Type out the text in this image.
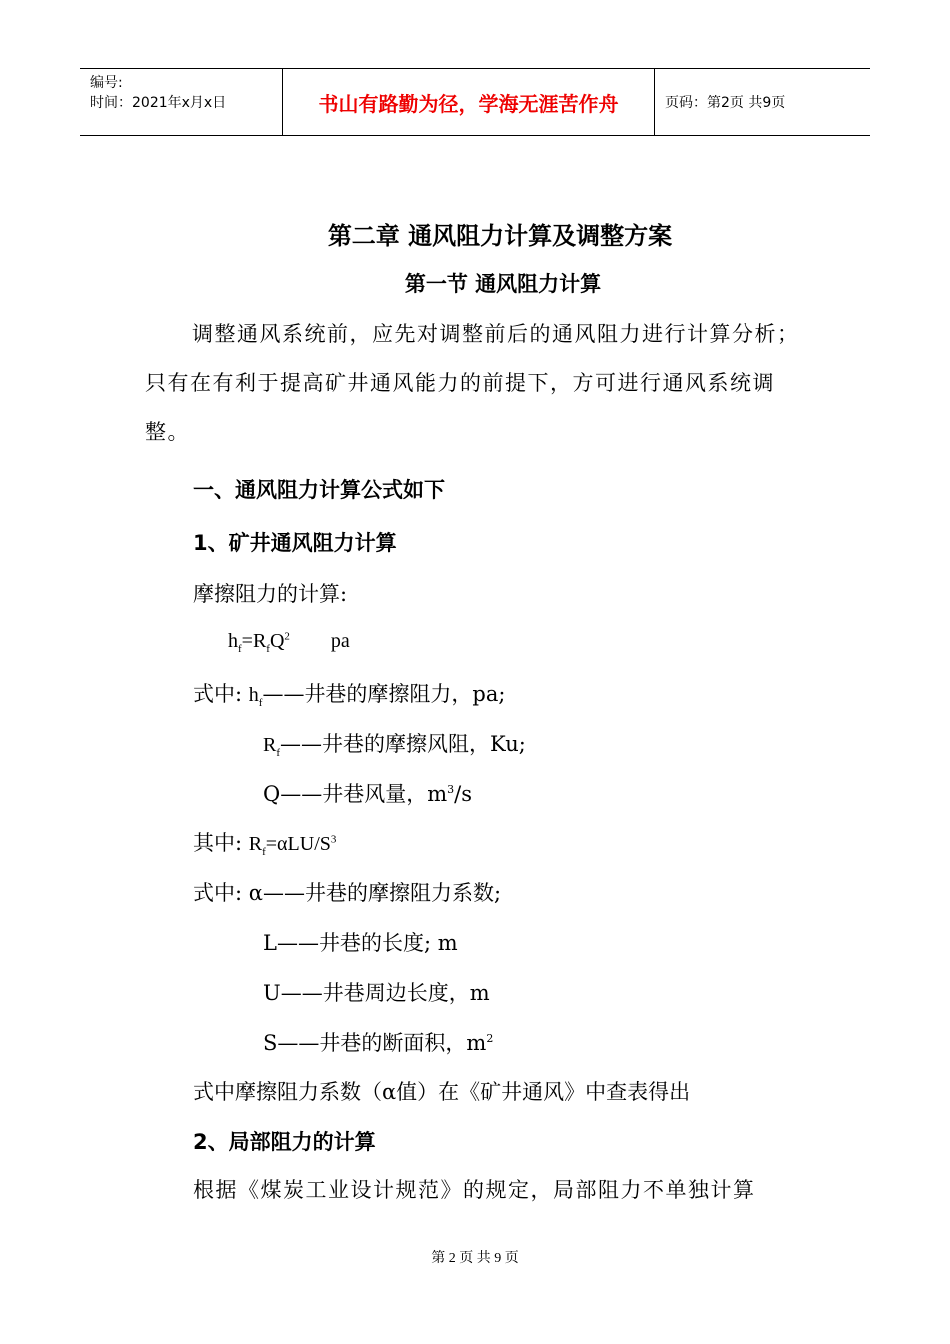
编号:
时间：2021年x月x日	书山有路勤为径，学海无涯苦作舟	页码：第2页 共9页
第二章 通风阻力计算及调整方案
第一节 通风阻力计算

调整通风系统前，应先对调整前后的通风阻力进行计算分析；只有在有利于提高矿井通风能力的前提下，方可进行通风系统调整。

一、通风阻力计算公式如下
1、矿井通风阻力计算
摩擦阻力的计算:
$h_f=R_fQ^2$ pa
式中: $h_f——$井巷的摩擦阻力，pa;
$R_f——$井巷的摩擦风阻，Ku;
Q——井巷风量，$m^3/s$
其中: $R_f=\alpha LU/S^3$
式中: α——井巷的摩擦阻力系数;
L——井巷的长度; m
U——井巷周边长度，m
S——井巷的断面积，$m^2$
式中摩擦阻力系数（α值）在《矿井通风》中查表得出
2、局部阻力的计算
根据《煤炭工业设计规范》的规定，局部阻力不单独计算
第 2 页 共 9 页
